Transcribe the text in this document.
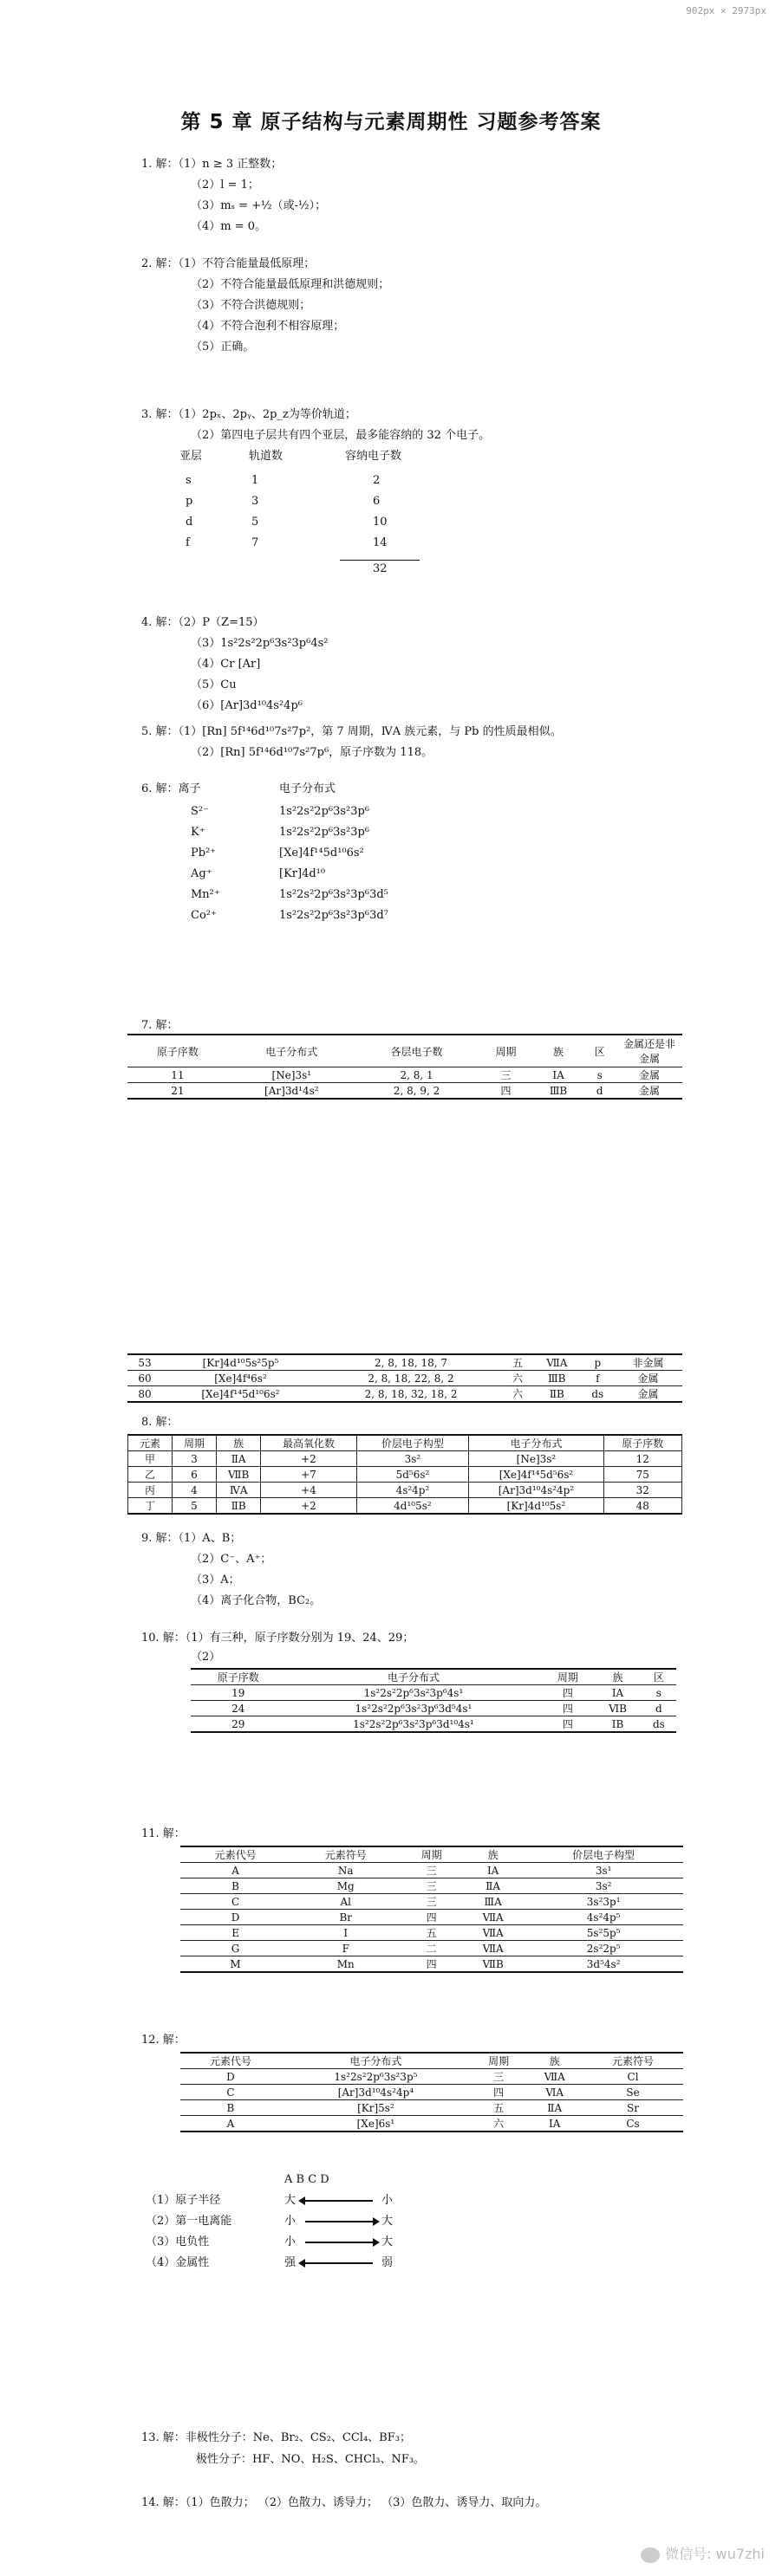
902px × 2973px
第 5 章 原子结构与元素周期性 习题参考答案
1. 解：（1）n ≥ 3 正整数；
（2）l = 1；
（3）mₛ = +½（或-½）；
（4）m = 0。
2. 解：（1）不符合能量最低原理；
（2）不符合能量最低原理和洪德规则；
（3）不符合洪德规则；
（4）不符合泡利不相容原理；
（5）正确。
3. 解：（1）2pₓ、2pᵧ、2p_z为等价轨道；
（2）第四电子层共有四个亚层，最多能容纳的 32 个电子。
亚层	轨道数	容纳电子数
s	1	2
p	3	6
d	5	10
f	7	14
32
4. 解：（2）P（Z=15）
（3）1s²2s²2p⁶3s²3p⁶4s²
（4）Cr [Ar]
（5）Cu
（6）[Ar]3d¹⁰4s²4p⁶
5. 解：（1）[Rn] 5f¹⁴6d¹⁰7s²7p²，第 7 周期，ⅣA 族元素，与 Pb 的性质最相似。
（2）[Rn] 5f¹⁴6d¹⁰7s²7p⁶，原子序数为 118。
6. 解：离子	电子分布式
S²⁻	1s²2s²2p⁶3s²3p⁶
K⁺	1s²2s²2p⁶3s²3p⁶
Pb²⁺	[Xe]4f¹⁴5d¹⁰6s²
Ag⁺	[Kr]4d¹⁰
Mn²⁺	1s²2s²2p⁶3s²3p⁶3d⁵
Co²⁺	1s²2s²2p⁶3s²3p⁶3d⁷
7. 解：
原子序数	电子分布式	各层电子数	周期	族	区	金属还是非金属
11	[Ne]3s¹	2, 8, 1	三	ⅠA	s	金属
21	[Ar]3d¹4s²	2, 8, 9, 2	四	ⅢB	d	金属
53	[Kr]4d¹⁰5s²5p⁵	2, 8, 18, 18, 7	五	ⅦA	p	非金属
60	[Xe]4f⁴6s²	2, 8, 18, 22, 8, 2	六	ⅢB	f	金属
80	[Xe]4f¹⁴5d¹⁰6s²	2, 8, 18, 32, 18, 2	六	ⅡB	ds	金属
8. 解：
元素	周期	族	最高氧化数	价层电子构型	电子分布式	原子序数
甲	3	ⅡA	+2	3s²	[Ne]3s²	12
乙	6	ⅦB	+7	5d⁵6s²	[Xe]4f¹⁴5d⁵6s²	75
丙	4	ⅣA	+4	4s²4p²	[Ar]3d¹⁰4s²4p²	32
丁	5	ⅡB	+2	4d¹⁰5s²	[Kr]4d¹⁰5s²	48
9. 解：（1）A、B；
（2）C⁻、A⁺；
（3）A；
（4）离子化合物，BC₂。
10. 解：（1）有三种，原子序数分别为 19、24、29；
（2）
原子序数	电子分布式	周期	族	区
19	1s²2s²2p⁶3s²3p⁶4s¹	四	ⅠA	s
24	1s²2s²2p⁶3s²3p⁶3d⁵4s¹	四	ⅥB	d
29	1s²2s²2p⁶3s²3p⁶3d¹⁰4s¹	四	ⅠB	ds
11. 解：
元素代号	元素符号	周期	族	价层电子构型
A	Na	三	ⅠA	3s¹
B	Mg	三	ⅡA	3s²
C	Al	三	ⅢA	3s²3p¹
D	Br	四	ⅦA	4s²4p⁵
E	I	五	ⅦA	5s²5p⁵
G	F	二	ⅦA	2s²2p⁵
M	Mn	四	ⅦB	3d⁵4s²
12. 解：
元素代号	电子分布式	周期	族	元素符号
D	1s²2s²2p⁶3s²3p⁵	三	ⅦA	Cl
C	[Ar]3d¹⁰4s²4p⁴	四	ⅥA	Se
B	[Kr]5s²	五	ⅡA	Sr
A	[Xe]6s¹	六	ⅠA	Cs
A B C D
（1）原子半径	大	小
（2）第一电离能	小	大
（3）电负性	小	大
（4）金属性	强	弱
13. 解：非极性分子：Ne、Br₂、CS₂、CCl₄、BF₃；
极性分子：HF、NO、H₂S、CHCl₃、NF₃。
14. 解：（1）色散力； （2）色散力、诱导力； （3）色散力、诱导力、取向力。
微信号: wu7zhi
